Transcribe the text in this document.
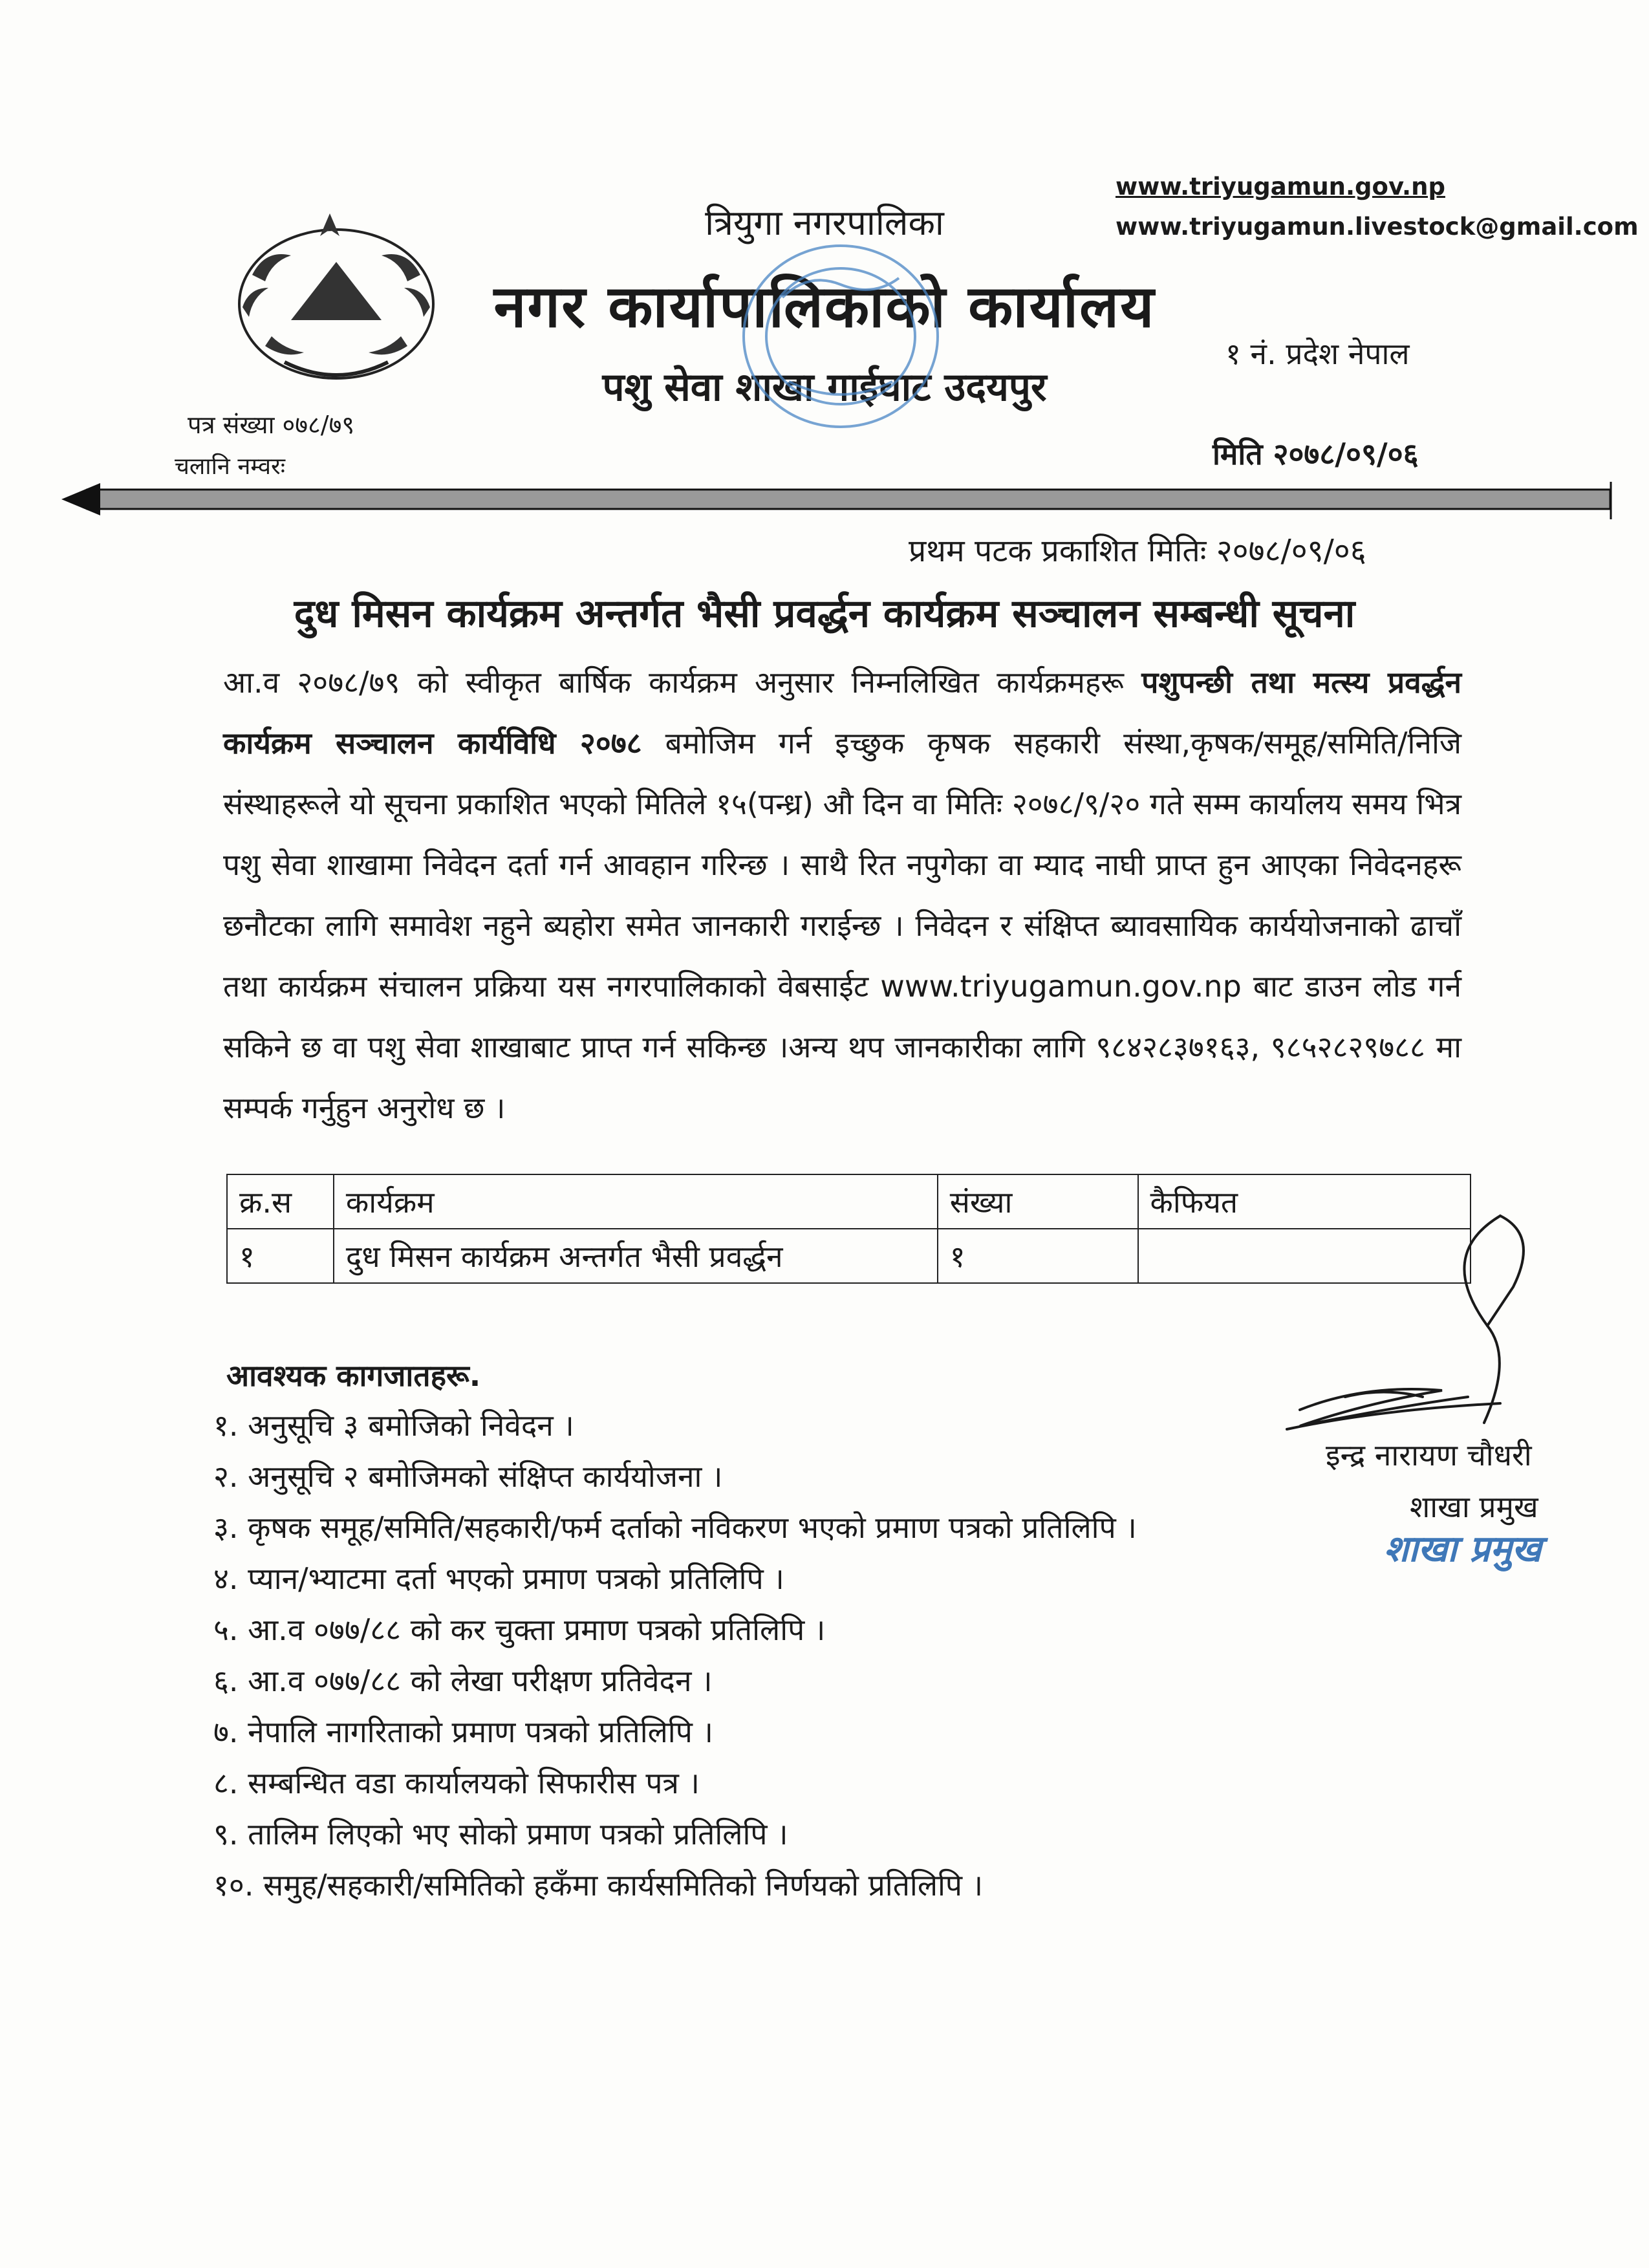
www.triyugamun.gov.np
www.triyugamun.livestock@gmail.com
त्रियुगा नगरपालिका
नगर कार्यापालिकाको कार्यालय
पशु सेवा शाखा गाईघाट उदयपुर
१ नं. प्रदेश नेपाल
पत्र संख्या ०७८/७९
चलानि नम्वरः	मिति २०७८/०९/०६
प्रथम पटक प्रकाशित मितिः २०७८/०९/०६
दुध मिसन कार्यक्रम अन्तर्गत भैसी प्रवर्द्धन कार्यक्रम सञ्चालन सम्बन्धी सूचना
आ.व २०७८/७९ को स्वीकृत बार्षिक कार्यक्रम अनुसार निम्नलिखित कार्यक्रमहरू पशुपन्छी तथा मत्स्य प्रवर्द्धन कार्यक्रम सञ्चालन कार्यविधि २०७८ बमोजिम गर्न इच्छुक कृषक सहकारी संस्था,कृषक/समूह/समिति/निजि संस्थाहरूले यो सूचना प्रकाशित भएको मितिले १५(पन्ध्र) औ दिन वा मितिः २०७८/९/२० गते सम्म कार्यालय समय भित्र पशु सेवा शाखामा निवेदन दर्ता गर्न आवहान गरिन्छ । साथै रित नपुगेका वा म्याद नाघी प्राप्त हुन आएका निवेदनहरू छनौटका लागि समावेश नहुने ब्यहोरा समेत जानकारी गराईन्छ । निवेदन र संक्षिप्त ब्यावसायिक कार्ययोजनाको ढाचाँ तथा कार्यक्रम संचालन प्रक्रिया यस नगरपालिकाको वेबसाईट www.triyugamun.gov.np बाट डाउन लोड गर्न सकिने छ वा पशु सेवा शाखाबाट प्राप्त गर्न सकिन्छ ।अन्य थप जानकारीका लागि ९८४२८३७१६३, ९८५२८२९७८८ मा सम्पर्क गर्नुहुन अनुरोध छ ।
क्र.स	कार्यक्रम	संख्या	कैफियत
१	दुध मिसन कार्यक्रम अन्तर्गत भैसी प्रवर्द्धन	१	
आवश्यक कागजातहरू.
१. अनुसूचि ३ बमोजिको निवेदन ।
२. अनुसूचि २ बमोजिमको संक्षिप्त कार्ययोजना ।
३. कृषक समूह/समिति/सहकारी/फर्म दर्ताको नविकरण भएको प्रमाण पत्रको प्रतिलिपि ।
४. प्यान/भ्याटमा दर्ता भएको प्रमाण पत्रको प्रतिलिपि ।
५. आ.व ०७७/८८ को कर चुक्ता प्रमाण पत्रको प्रतिलिपि ।
६. आ.व ०७७/८८ को लेखा परीक्षण प्रतिवेदन ।
७. नेपालि नागरिताको प्रमाण पत्रको प्रतिलिपि ।
८. सम्बन्धित वडा कार्यालयको सिफारीस पत्र ।
९. तालिम लिएको भए सोको प्रमाण पत्रको प्रतिलिपि ।
१०. समुह/सहकारी/समितिको हकँमा कार्यसमितिको निर्णयको प्रतिलिपि ।
इन्द्र नारायण चौधरी
शाखा प्रमुख
शाखा प्रमुख
